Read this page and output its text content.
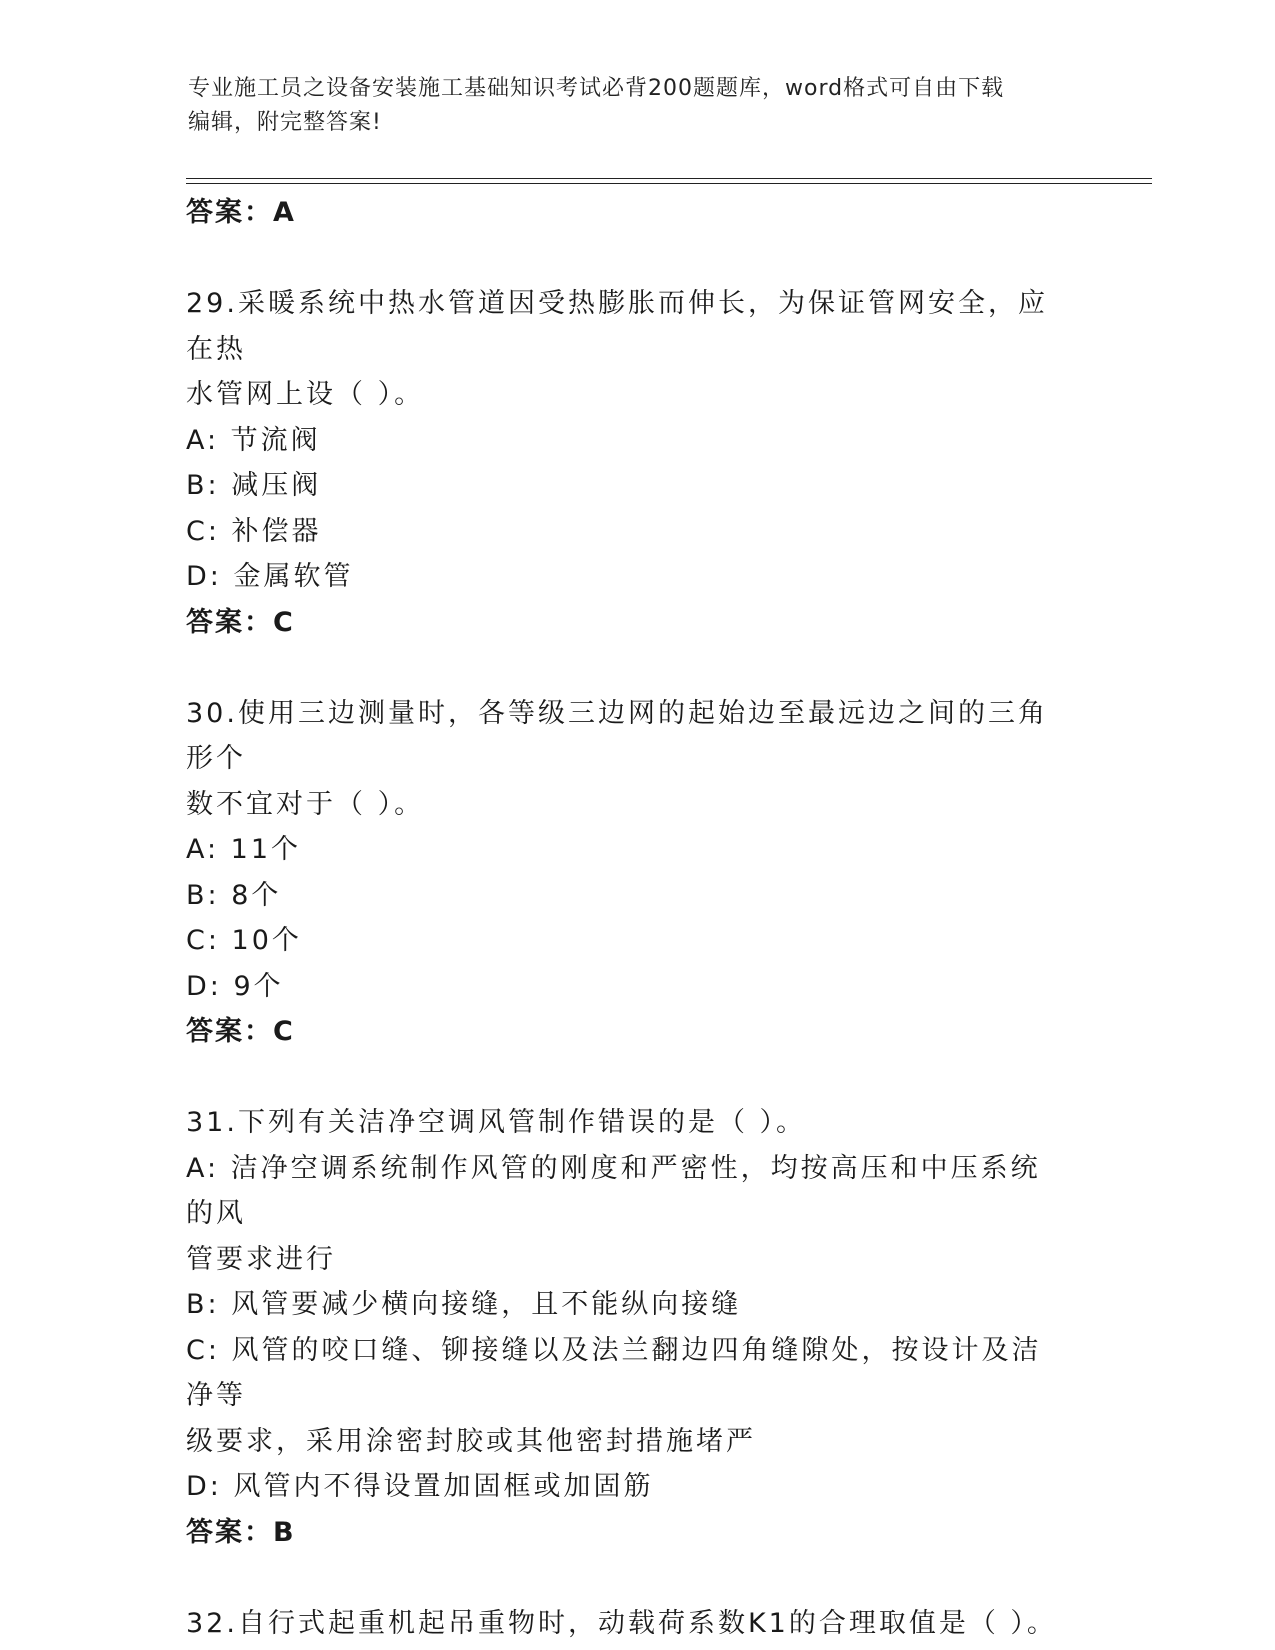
专业施工员之设备安装施工基础知识考试必背200题题库，word格式可自由下载
编辑，附完整答案!
答案：A
29.采暖系统中热水管道因受热膨胀而伸长，为保证管网安全，应在热
水管网上设（ ）。
A: 节流阀
B: 减压阀
C: 补偿器
D: 金属软管
答案：C
30.使用三边测量时，各等级三边网的起始边至最远边之间的三角形个
数不宜对于（ ）。
A: 11个
B: 8个
C: 10个
D: 9个
答案：C
31.下列有关洁净空调风管制作错误的是（ ）。
A: 洁净空调系统制作风管的刚度和严密性，均按高压和中压系统的风
管要求进行
B: 风管要减少横向接缝，且不能纵向接缝
C: 风管的咬口缝、铆接缝以及法兰翻边四角缝隙处，按设计及洁净等
级要求，采用涂密封胶或其他密封措施堵严
D: 风管内不得设置加固框或加固筋
答案：B
32.自行式起重机起吊重物时，动载荷系数K1的合理取值是（ ）。
